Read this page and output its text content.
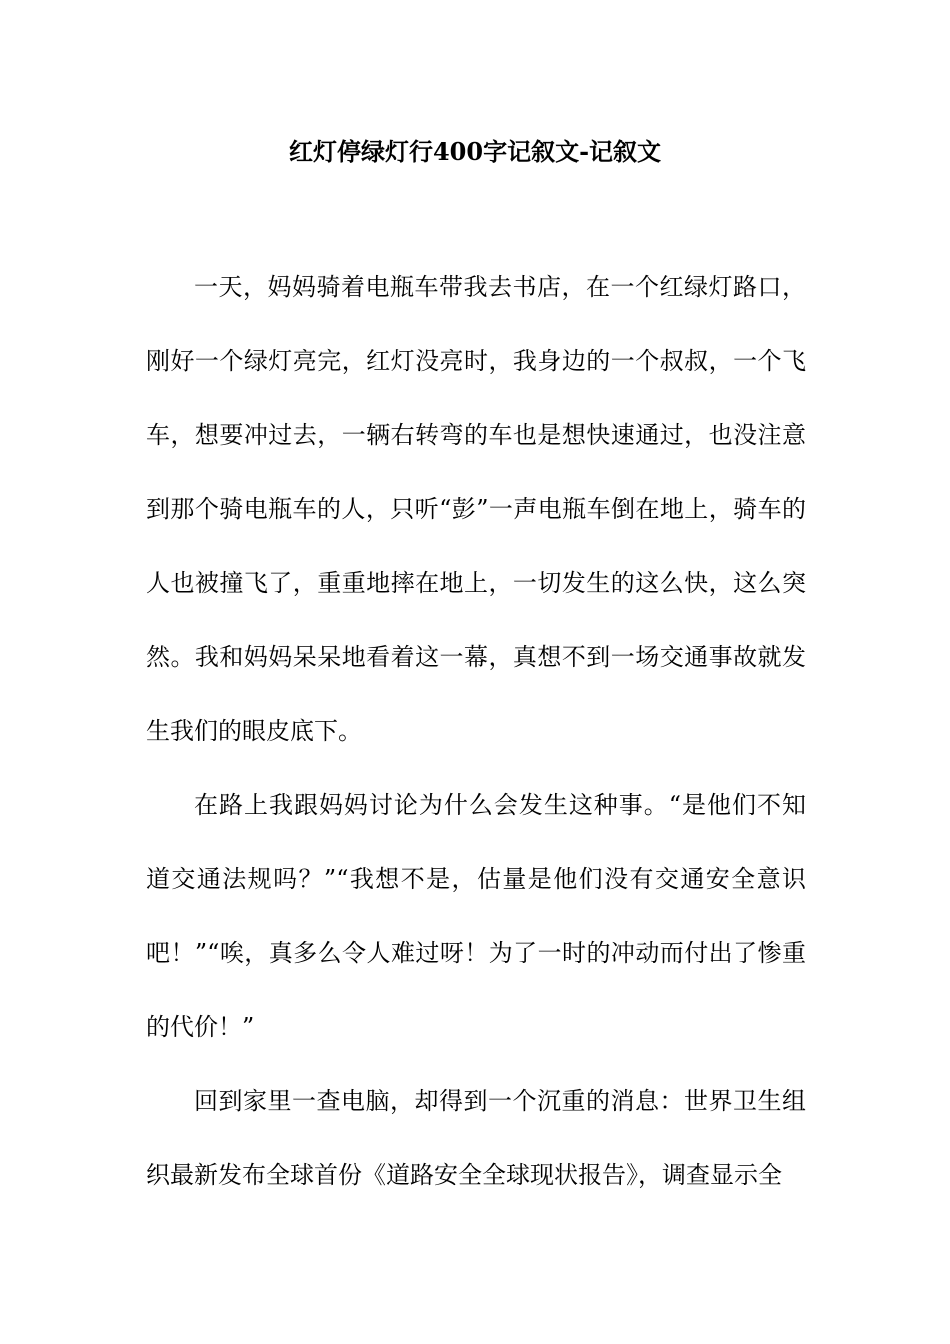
红灯停绿灯行400字记叙文-记叙文

一天，妈妈骑着电瓶车带我去书店，在一个红绿灯路口，刚好一个绿灯亮完，红灯没亮时，我身边的一个叔叔，一个飞车，想要冲过去，一辆右转弯的车也是想快速通过，也没注意到那个骑电瓶车的人，只听“彭”一声电瓶车倒在地上，骑车的人也被撞飞了，重重地摔在地上，一切发生的这么快，这么突然。我和妈妈呆呆地看着这一幕，真想不到一场交通事故就发生我们的眼皮底下。

在路上我跟妈妈讨论为什么会发生这种事。“是他们不知道交通法规吗？”“我想不是，估量是他们没有交通安全意识吧！”“唉，真多么令人难过呀！为了一时的冲动而付出了惨重的代价！”

回到家里一查电脑，却得到一个沉重的消息：世界卫生组织最新发布全球首份《道路安全全球现状报告》，调查显示全
